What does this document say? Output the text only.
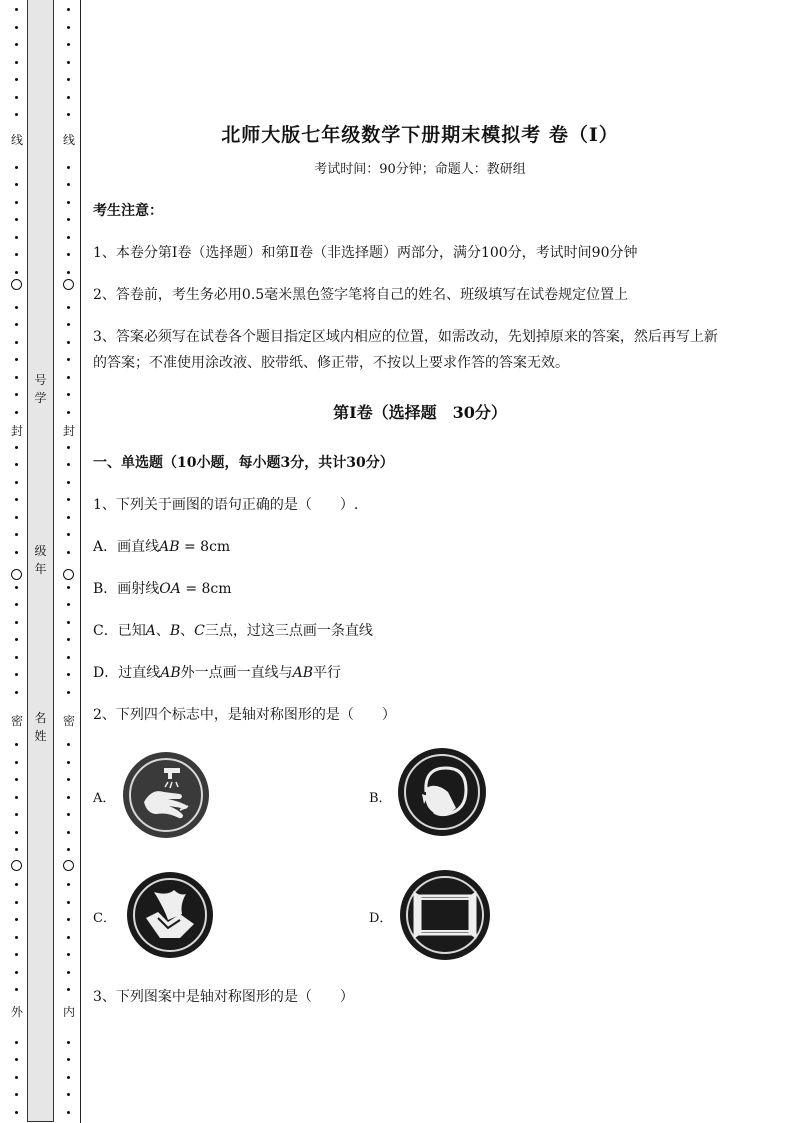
线
封
密
外
号
学
级
年
名
姓
线
封
密
内
北师大版七年级数学下册期末模拟考 卷（Ⅰ）
考试时间：90分钟；命题人：教研组
考生注意：
1、本卷分第Ⅰ卷（选择题）和第Ⅱ卷（非选择题）两部分，满分100分，考试时间90分钟
2、答卷前，考生务必用0.5毫米黑色签字笔将自己的姓名、班级填写在试卷规定位置上
3、答案必须写在试卷各个题目指定区域内相应的位置，如需改动，先划掉原来的答案，然后再写上新
的答案；不准使用涂改液、胶带纸、修正带，不按以上要求作答的答案无效。
第Ⅰ卷（选择题　30分）
一、单选题（10小题，每小题3分，共计30分）
1、下列关于画图的语句正确的是（　　）.
A．画直线AB = 8cm
B．画射线OA = 8cm
C．已知A、B、C三点，过这三点画一条直线
D．过直线AB外一点画一直线与AB平行
2、下列四个标志中，是轴对称图形的是（　　）
A．	B．
C．	D．
3、下列图案中是轴对称图形的是（　　）
